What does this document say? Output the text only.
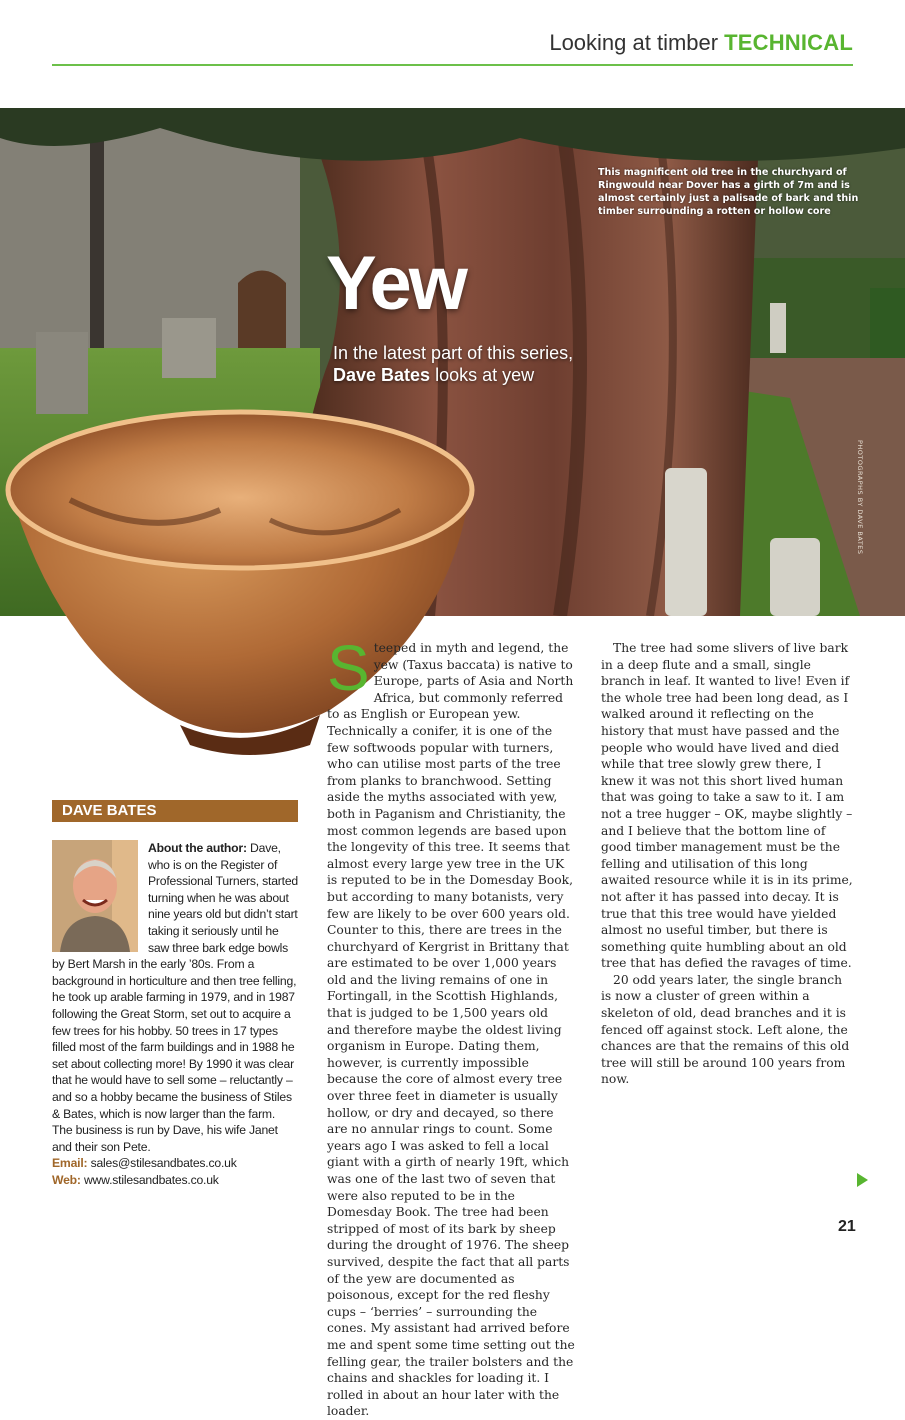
Looking at timber TECHNICAL
This magnificent old tree in the churchyard of Ringwould near Dover has a girth of 7m and is almost certainly just a palisade of bark and thin timber surrounding a rotten or hollow core
Yew
In the latest part of this series,
Dave Bates looks at yew
PHOTOGRAPHS BY DAVE BATES

S teeped in myth and legend, the yew (Taxus baccata) is native to Europe, parts of Asia and North Africa, but commonly referred to as English or European yew. Technically a conifer, it is one of the few softwoods popular with turners, who can utilise most parts of the tree from planks to branchwood. Setting aside the myths associated with yew, both in Paganism and Christianity, the most common legends are based upon the longevity of this tree. It seems that almost every large yew tree in the UK is reputed to be in the Domesday Book, but according to many botanists, very few are likely to be over 600 years old. Counter to this, there are trees in the churchyard of Kergrist in Brittany that are estimated to be over 1,000 years old and the living remains of one in Fortingall, in the Scottish Highlands, that is judged to be 1,500 years old and therefore maybe the oldest living organism in Europe. Dating them, however, is currently impossible because the core of almost every tree over three feet in diameter is usually hollow, or dry and decayed, so there are no annular rings to count. Some years ago I was asked to fell a local giant with a girth of nearly 19ft, which was one of the last two of seven that were also reputed to be in the Domesday Book. The tree had been stripped of most of its bark by sheep during the drought of 1976. The sheep survived, despite the fact that all parts of the yew are documented as poisonous, except for the red fleshy cups – ‘berries’ – surrounding the cones. My assistant had arrived before me and spent some time setting out the felling gear, the trailer bolsters and the chains and shackles for loading it. I rolled in about an hour later with the loader.

The tree had some slivers of live bark in a deep flute and a small, single branch in leaf. It wanted to live! Even if the whole tree had been long dead, as I walked around it reflecting on the history that must have passed and the people who would have lived and died while that tree slowly grew there, I knew it was not this short lived human that was going to take a saw to it. I am not a tree hugger – OK, maybe slightly – and I believe that the bottom line of good timber management must be the felling and utilisation of this long awaited resource while it is in its prime, not after it has passed into decay. It is true that this tree would have yielded almost no useful timber, but there is something quite humbling about an old tree that has defied the ravages of time.

20 odd years later, the single branch is now a cluster of green within a skeleton of old, dead branches and it is fenced off against stock. Left alone, the chances are that the remains of this old tree will still be around 100 years from now.

DAVE BATES

About the author: Dave, who is on the Register of Professional Turners, started turning when he was about nine years old but didn’t start taking it seriously until he saw three bark edge bowls by Bert Marsh in the early ’80s. From a background in horticulture and then tree felling, he took up arable farming in 1979, and in 1987 following the Great Storm, set out to acquire a few trees for his hobby. 50 trees in 17 types filled most of the farm buildings and in 1988 he set about collecting more! By 1990 it was clear that he would have to sell some – reluctantly – and so a hobby became the business of Stiles & Bates, which is now larger than the farm. The business is run by Dave, his wife Janet and their son Pete.

Email: sales@stilesandbates.co.uk

Web: www.stilesandbates.co.uk

21
